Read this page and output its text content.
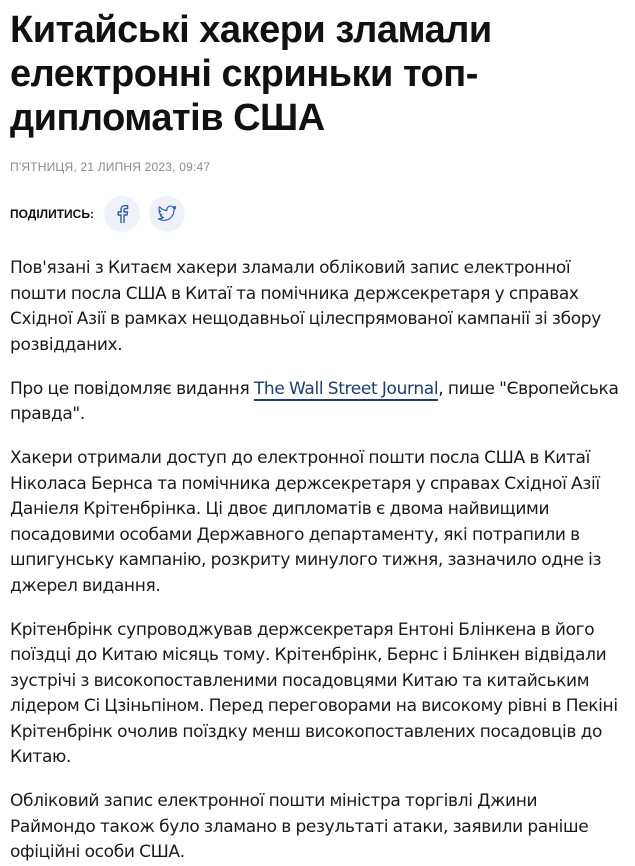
Китайські хакери зламали електронні скриньки топ-дипломатів США
П'ЯТНИЦЯ, 21 ЛИПНЯ 2023, 09:47
ПОДІЛИТИСЬ:

Пов'язані з Китаєм хакери зламали обліковий запис електронної пошти посла США в Китаї та помічника держсекретаря у справах Східної Азії в рамках нещодавньої цілеспрямованої кампанії зі збору розвідданих.

Про це повідомляє видання The Wall Street Journal, пише "Європейська правда".

Хакери отримали доступ до електронної пошти посла США в Китаї Ніколаса Бернса та помічника держсекретаря у справах Східної Азії Даніеля Крітенбрінка. Ці двоє дипломатів є двома найвищими посадовими особами Державного департаменту, які потрапили в шпигунську кампанію, розкриту минулого тижня, зазначило одне із джерел видання.

Крітенбрінк супроводжував держсекретаря Ентоні Блінкена в його поїздці до Китаю місяць тому. Крітенбрінк, Бернс і Блінкен відвідали зустрічі з високопоставленими посадовцями Китаю та китайським лідером Сі Цзіньпіном. Перед переговорами на високому рівні в Пекіні Крітенбрінк очолив поїздку менш високопоставлених посадовців до Китаю.

Обліковий запис електронної пошти міністра торгівлі Джини Раймондо також було зламано в результаті атаки, заявили раніше офіційні особи США.
